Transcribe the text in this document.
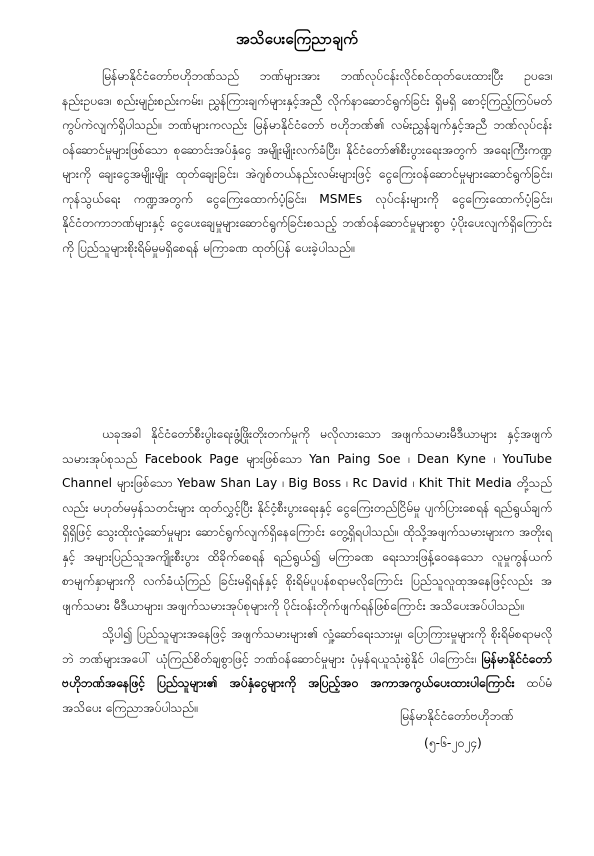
အသိပေးကြေညာချက်

မြန်မာနိုင်ငံတော်ဗဟိုဘဏ်သည် ဘဏ်များအား ဘဏ်လုပ်ငန်းလိုင်စင်ထုတ်ပေးထားပြီး ဥပဒေ၊ နည်းဥပဒေ၊ စည်းမျဉ်းစည်းကမ်း၊ ညွှန်ကြားချက်များနှင့်အညီ လိုက်နာဆောင်ရွက်ခြင်း ရှိမရှိ စောင့်ကြည့်ကြပ်မတ်ကွပ်ကဲလျက်ရှိပါသည်။ ဘဏ်များကလည်း မြန်မာနိုင်ငံတော် ဗဟိုဘဏ်၏ လမ်းညွှန်ချက်နှင့်အညီ ဘဏ်လုပ်ငန်းဝန်ဆောင်မှုများဖြစ်သော စုဆောင်းအပ်နှံငွေ အမျိုးမျိုးလက်ခံပြီး၊ နိုင်ငံတော်၏စီးပွားရေးအတွက် အရေးကြီးကဏ္ဍများကို ချေးငွေအမျိုးမျိုး ထုတ်ချေးခြင်း၊ အဲဂျစ်တယ်နည်းလမ်းများဖြင့် ငွေကြေးဝန်ဆောင်မှုများဆောင်ရွက်ခြင်း၊ ကုန်သွယ်ရေး ကဏ္ဍအတွက် ငွေကြေးထောက်ပံ့ခြင်း၊ MSMEs လုပ်ငန်းများကို ငွေကြေးထောက်ပံ့ခြင်း၊ နိုင်ငံတကာဘဏ်များနှင့် ငွေပေးချေမှုများဆောင်ရွက်ခြင်းစသည့် ဘဏ်ဝန်ဆောင်မှုများစွာ ပံ့ပိုးပေးလျက်ရှိကြောင်းကို ပြည်သူများစိုးရိမ်မှုမရှိစေရန် မကြာခဏ ထုတ်ပြန် ပေးခဲ့ပါသည်။

ယခုအခါ နိုင်ငံတော်စီးပွါးရေးဖွံ့ဖြိုးတိုးတက်မှုကို မလိုလားသော အဖျက်သမားမီဒီယာများ နှင့်အဖျက်သမားအုပ်စုသည် Facebook Page များဖြစ်သော Yan Paing Soe ၊ Dean Kyne ၊ YouTube Channel များဖြစ်သော Yebaw Shan Lay ၊ Big Boss ၊ Rc David ၊ Khit Thit Media တို့သည်လည်း မဟုတ်မမှန်သတင်းများ ထုတ်လွှင့်ပြီး နိုင်ငံ့စီးပွားရေးနှင့် ငွေကြေးတည်ငြိမ်မှု ပျက်ပြားစေရန် ရည်ရွယ်ချက်ရှိရှိဖြင့် သွေးထိုးလှုံ့ဆော်မှုများ ဆောင်ရွက်လျက်ရှိနေကြောင်း တွေ့ရှိရပါသည်။ ထိုသို့အဖျက်သမားများက အတိုးရနှင့် အများပြည်သူအကျိုးစီးပွား ထိခိုက်စေရန် ရည်ရွယ်၍ မကြာခဏ ရေးသားဖြန့်ဝေနေသော လူမှုကွန်ယက်စာမျက်နှာများကို လက်ခံယုံကြည် ခြင်းမရှိရန်နှင့် စိုးရိမ်ပူပန်စရာမလိုကြောင်း ပြည်သူလူထုအနေဖြင့်လည်း အဖျက်သမား မီဒီယာများ၊ အဖျက်သမားအုပ်စုများကို ပိုင်းဝန်းတိုက်ဖျက်ရန်ဖြစ်ကြောင်း အသိပေးအပ်ပါသည်။

သို့ပါ၍ ပြည်သူများအနေဖြင့် အဖျက်သမားများ၏ လှုံ့ဆော်ရေးသားမှု၊ ပြောကြားမှုများကို စိုးရိမ်စရာမလိုဘဲ ဘဏ်များအပေါ် ယုံကြည်စိတ်ချစွာဖြင့် ဘဏ်ဝန်ဆောင်မှုများ ပုံမှန်ရယူသုံးစွဲနိုင် ပါကြောင်း၊ မြန်မာနိုင်ငံတော်ဗဟိုဘဏ်အနေဖြင့် ပြည်သူများ၏ အပ်နှံငွေများကို အပြည့်အဝ အကာအကွယ်ပေးထားပါကြောင်း ထပ်မံအသိပေး ကြေညာအပ်ပါသည်။

မြန်မာနိုင်ငံတော်ဗဟိုဘဏ်
(၅-၆-၂၀၂၄)
